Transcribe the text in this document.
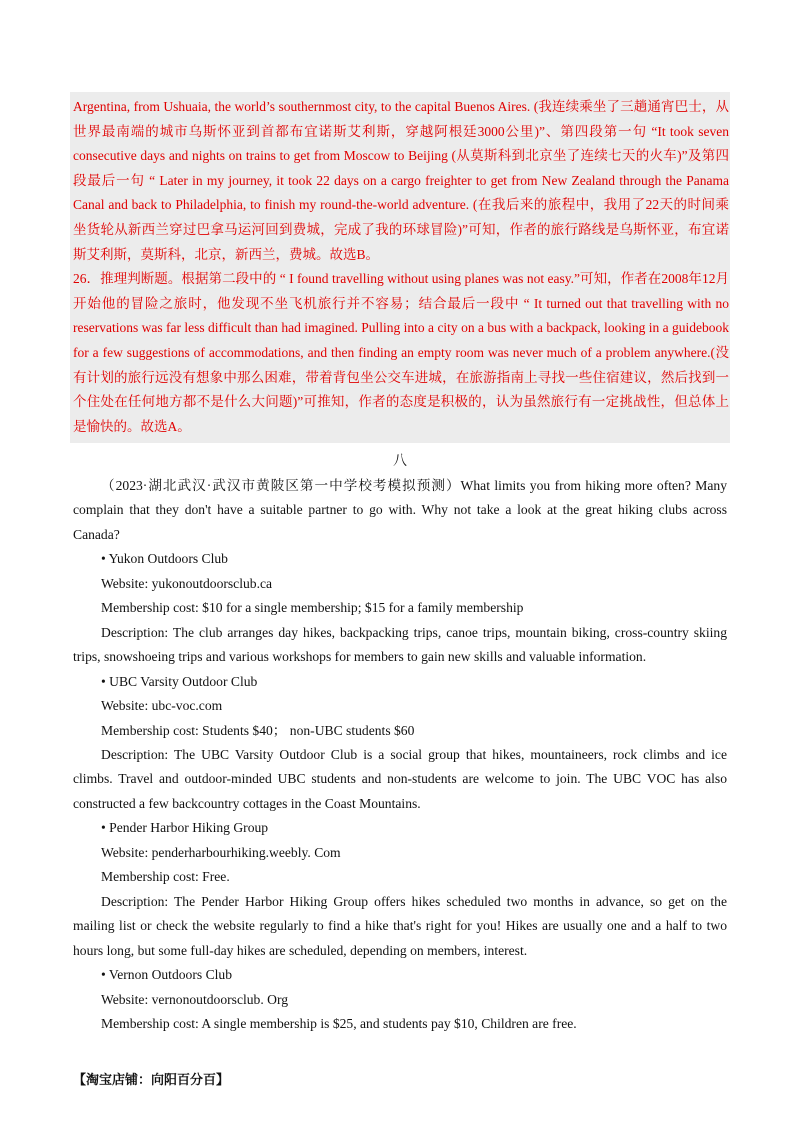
Argentina, from Ushuaia, the world’s southernmost city, to the capital Buenos Aires. (我连续乘坐了三趟通宵巴士，从世界最南端的城市乌斯怀亚到首都布宜诺斯艾利斯，穿越阿根廷3000公里)”、第四段第一句 “It took seven consecutive days and nights on trains to get from Moscow to Beijing (从莫斯科到北京坐了连续七天的火车)”及第四段最后一句 “ Later in my journey, it took 22 days on a cargo freighter to get from New Zealand through the Panama Canal and back to Philadelphia, to finish my round-the-world adventure. (在我后来的旅程中，我用了22天的时间乘坐货轮从新西兰穿过巴拿马运河回到费城，完成了我的环球冒险)”可知，作者的旅行路线是乌斯怀亚，布宜诺斯艾利斯，莫斯科，北京，新西兰，费城。故选B。

26．推理判断题。根据第二段中的 “ I found travelling without using planes was not easy.”可知，作者在2008年12月开始他的冒险之旅时，他发现不坐飞机旅行并不容易；结合最后一段中 “ It turned out that travelling with no reservations was far less difficult than had imagined. Pulling into a city on a bus with a backpack, looking in a guidebook for a few suggestions of accommodations, and then finding an empty room was never much of a problem anywhere.(没有计划的旅行远没有想象中那么困难，带着背包坐公交车进城，在旅游指南上寻找一些住宿建议，然后找到一个住处在任何地方都不是什么大问题)”可推知，作者的态度是积极的，认为虽然旅行有一定挑战性，但总体上是愉快的。故选A。

八

（2023·湖北武汉·武汉市黄陂区第一中学校考模拟预测）What limits you from hiking more often? Many complain that they don't have a suitable partner to go with. Why not take a look at the great hiking clubs across Canada?

• Yukon Outdoors Club

Website: yukonoutdoorsclub.ca

Membership cost: $10 for a single membership; $15 for a family membership

Description: The club arranges day hikes, backpacking trips, canoe trips, mountain biking, cross-country skiing trips, snowshoeing trips and various workshops for members to gain new skills and valuable information.

• UBC Varsity Outdoor Club

Website: ubc-voc.com

Membership cost: Students $40； non-UBC students $60

Description: The UBC Varsity Outdoor Club is a social group that hikes, mountaineers, rock climbs and ice climbs. Travel and outdoor-minded UBC students and non-students are welcome to join. The UBC VOC has also constructed a few backcountry cottages in the Coast Mountains.

• Pender Harbor Hiking Group

Website: penderharbourhiking.weebly. Com

Membership cost: Free.

Description: The Pender Harbor Hiking Group offers hikes scheduled two months in advance, so get on the mailing list or check the website regularly to find a hike that's right for you! Hikes are usually one and a half to two hours long, but some full-day hikes are scheduled, depending on members, interest.

• Vernon Outdoors Club

Website: vernonoutdoorsclub. Org

Membership cost: A single membership is $25, and students pay $10, Children are free.

【淘宝店铺：向阳百分百】
